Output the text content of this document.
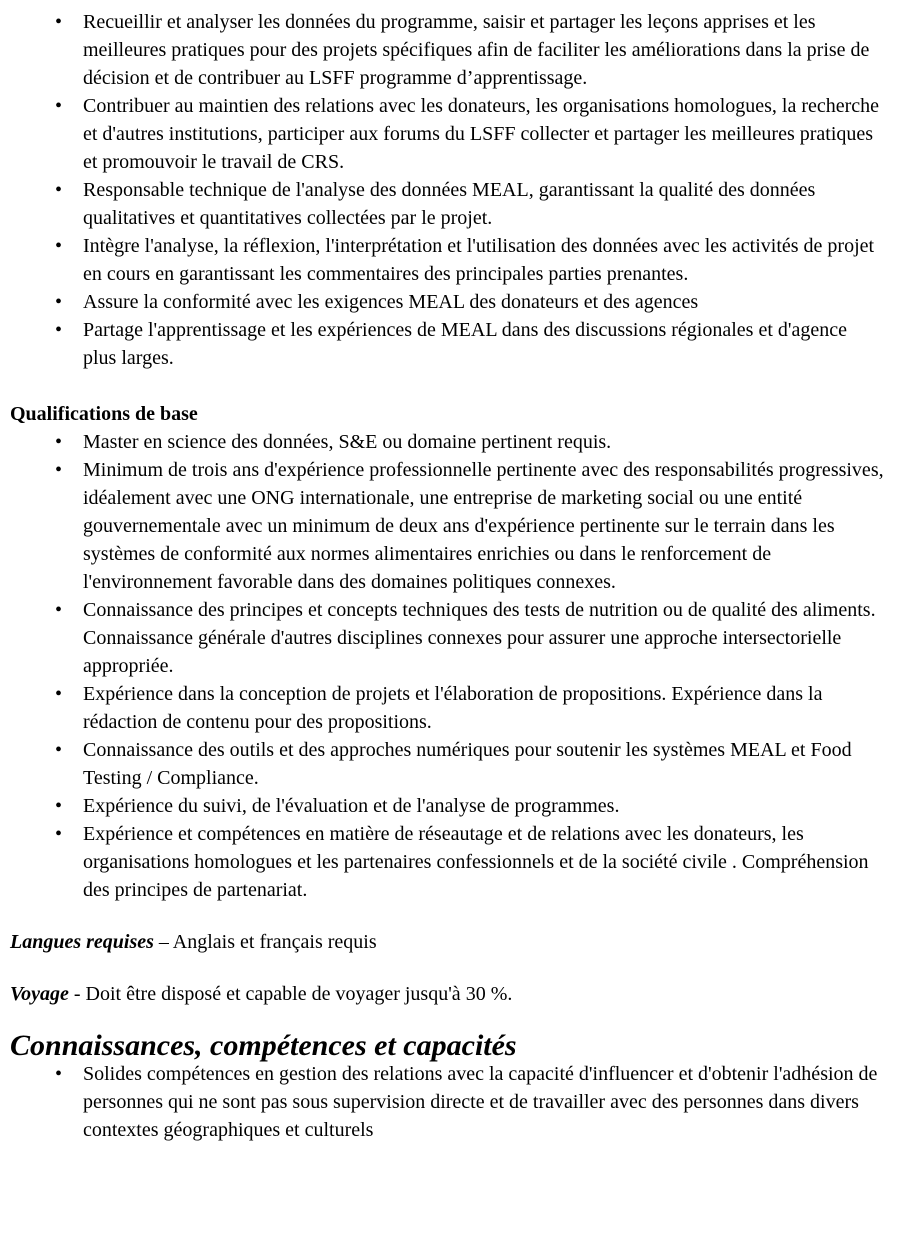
• Recueillir et analyser les données du programme, saisir et partager les leçons apprises et les meilleures pratiques pour des projets spécifiques afin de faciliter les améliorations dans la prise de décision et de contribuer au LSFF programme d’apprentissage.
• Contribuer au maintien des relations avec les donateurs, les organisations homologues, la recherche et d'autres institutions, participer aux forums du LSFF collecter et partager les meilleures pratiques et promouvoir le travail de CRS.
• Responsable technique de l'analyse des données MEAL, garantissant la qualité des données qualitatives et quantitatives collectées par le projet.
• Intègre l'analyse, la réflexion, l'interprétation et l'utilisation des données avec les activités de projet en cours en garantissant les commentaires des principales parties prenantes.
• Assure la conformité avec les exigences MEAL des donateurs et des agences
• Partage l'apprentissage et les expériences de MEAL dans des discussions régionales et d'agence plus larges.
Qualifications de base
• Master en science des données, S&E ou domaine pertinent requis.
• Minimum de trois ans d'expérience professionnelle pertinente avec des responsabilités progressives, idéalement avec une ONG internationale, une entreprise de marketing social ou une entité gouvernementale avec un minimum de deux ans d'expérience pertinente sur le terrain dans les systèmes de conformité aux normes alimentaires enrichies ou dans le renforcement de l'environnement favorable dans des domaines politiques connexes.
• Connaissance des principes et concepts techniques des tests de nutrition ou de qualité des aliments. Connaissance générale d'autres disciplines connexes pour assurer une approche intersectorielle appropriée.
• Expérience dans la conception de projets et l'élaboration de propositions. Expérience dans la rédaction de contenu pour des propositions.
• Connaissance des outils et des approches numériques pour soutenir les systèmes MEAL et Food Testing / Compliance.
• Expérience du suivi, de l'évaluation et de l'analyse de programmes.
• Expérience et compétences en matière de réseautage et de relations avec les donateurs, les organisations homologues et les partenaires confessionnels et de la société civile . Compréhension des principes de partenariat.

Langues requises – Anglais et français requis

Voyage - Doit être disposé et capable de voyager jusqu'à 30 %.

Connaissances, compétences et capacités
• Solides compétences en gestion des relations avec la capacité d'influencer et d'obtenir l'adhésion de personnes qui ne sont pas sous supervision directe et de travailler avec des personnes dans divers contextes géographiques et culturels
